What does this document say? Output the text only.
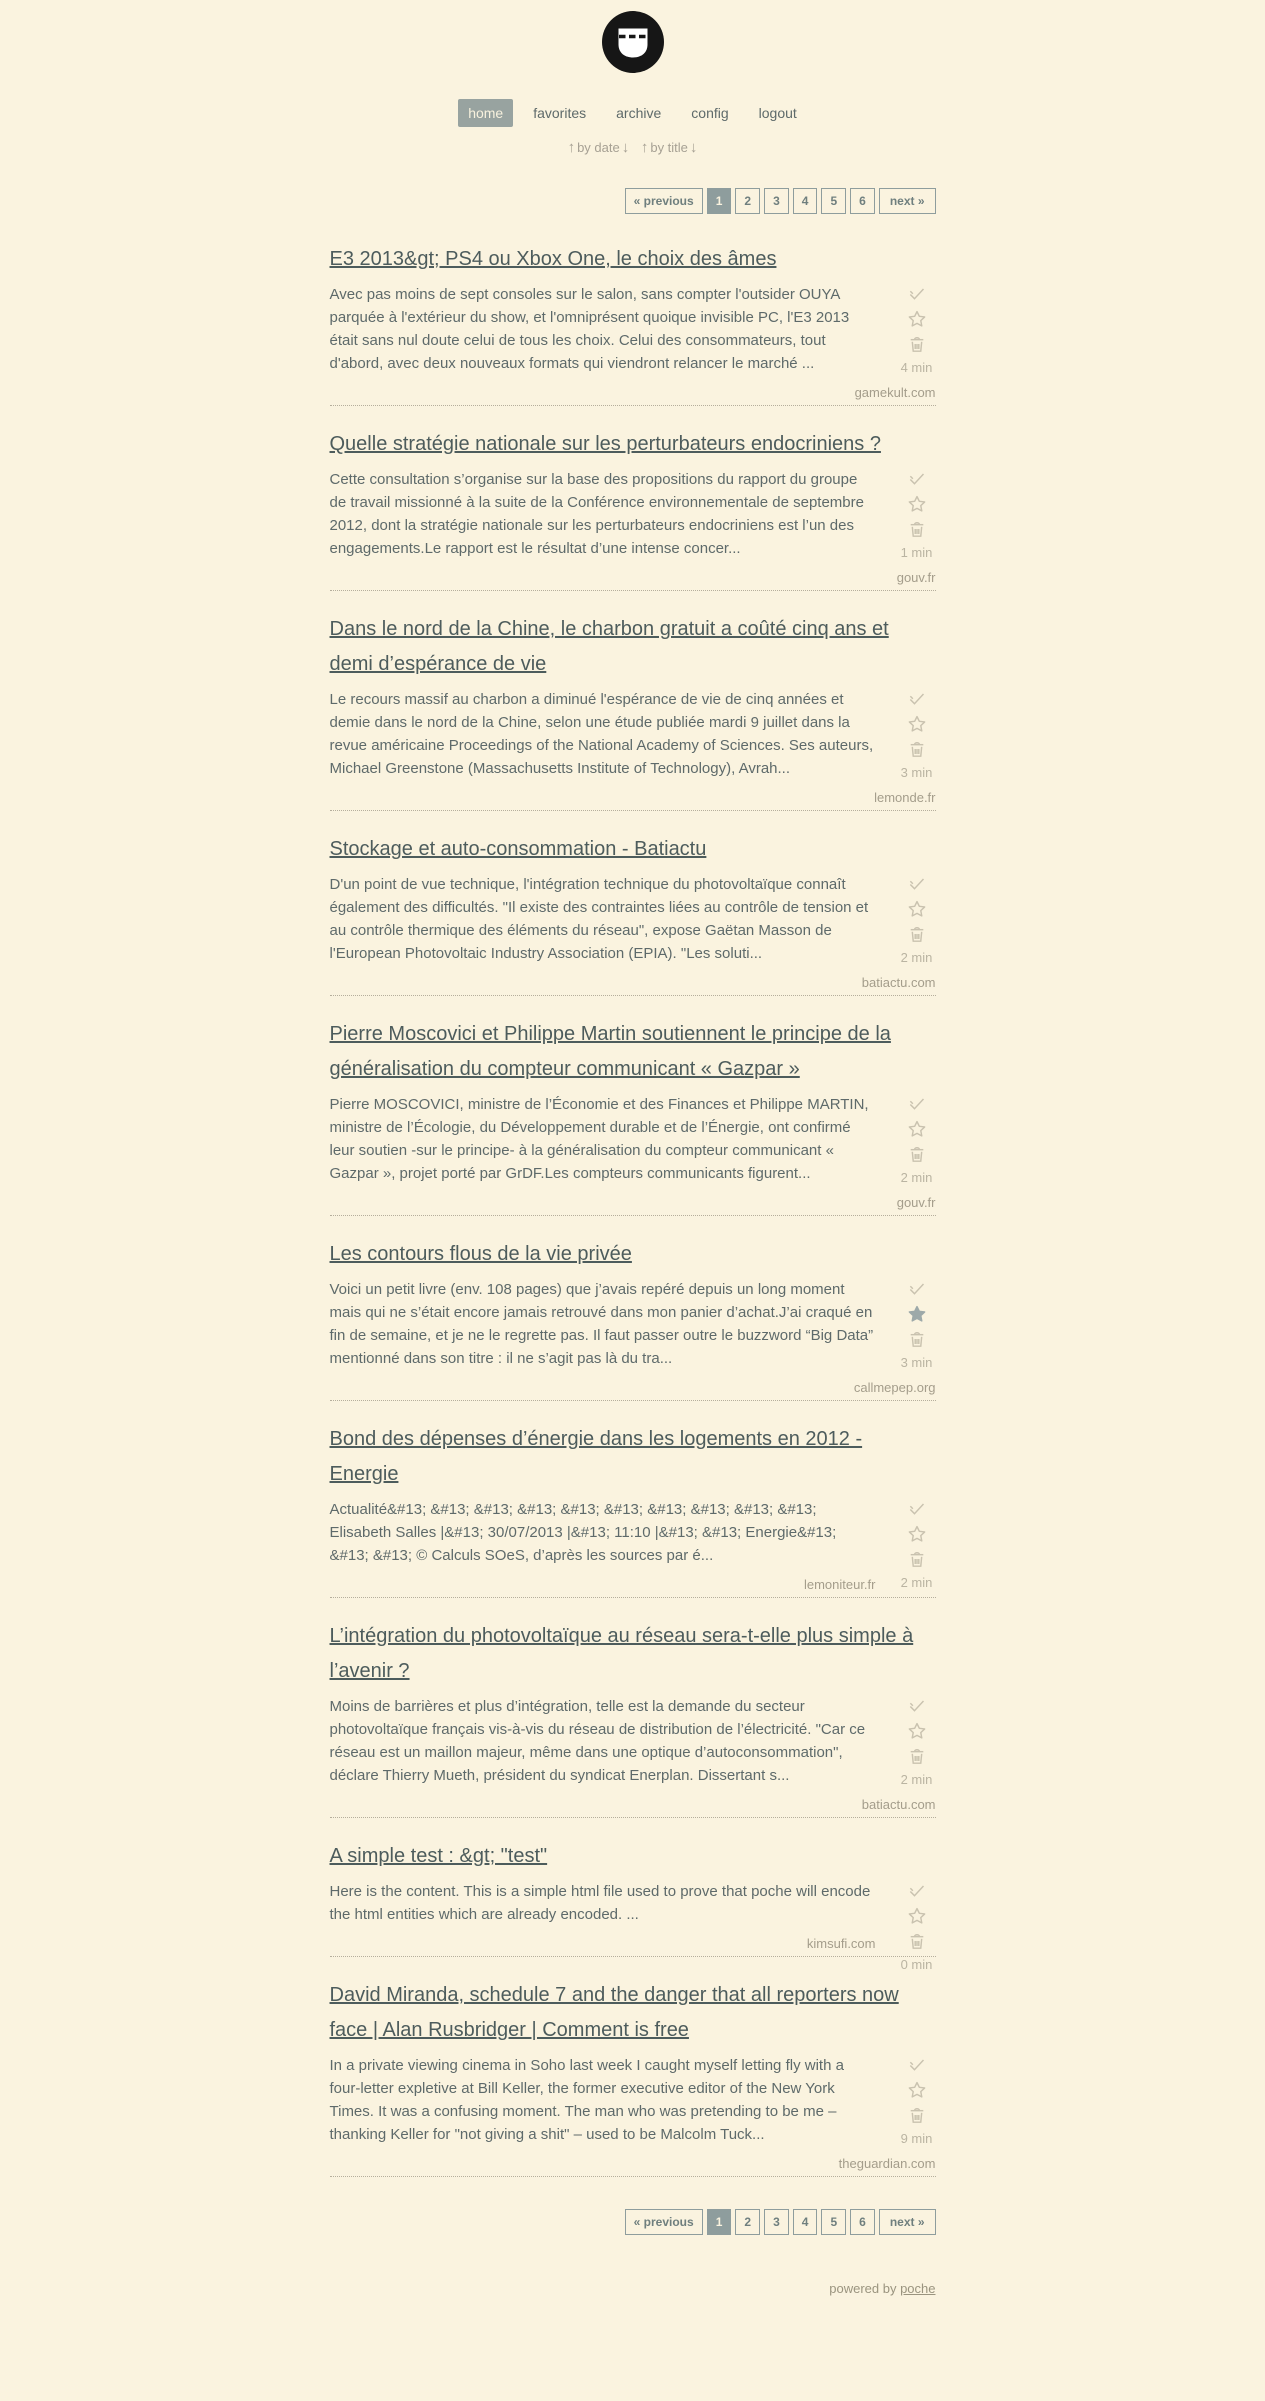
home favorites archive config logout
↑ by date ↓ ↑ by title ↓
« previous 1 2 3 4 5 6 next »
E3 2013&gt; PS4 ou Xbox One, le choix des âmes
4 min

Avec pas moins de sept consoles sur le salon, sans compter l'outsider OUYA parquée à l'extérieur du show, et l'omniprésent quoique invisible PC, l'E3 2013 était sans nul doute celui de tous les choix. Celui des consommateurs, tout d'abord, avec deux nouveaux formats qui viendront relancer le marché ...

gamekult.com
Quelle stratégie nationale sur les perturbateurs endocriniens ?
1 min

Cette consultation s’organise sur la base des propositions du rapport du groupe de travail missionné à la suite de la Conférence environnementale de septembre 2012, dont la stratégie nationale sur les perturbateurs endocriniens est l’un des engagements.Le rapport est le résultat d’une intense concer...

gouv.fr
Dans le nord de la Chine, le charbon gratuit a coûté cinq ans et demi d’espérance de vie
3 min

Le recours massif au charbon a diminué l'espérance de vie de cinq années et demie dans le nord de la Chine, selon une étude publiée mardi 9 juillet dans la revue américaine Proceedings of the National Academy of Sciences. Ses auteurs, Michael Greenstone (Massachusetts Institute of Technology), Avrah...

lemonde.fr
Stockage et auto-consommation - Batiactu
2 min

D'un point de vue technique, l'intégration technique du photovoltaïque connaît également des difficultés. "Il existe des contraintes liées au contrôle de tension et au contrôle thermique des éléments du réseau", expose Gaëtan Masson de l'European Photovoltaic Industry Association (EPIA). "Les soluti...

batiactu.com
Pierre Moscovici et Philippe Martin soutiennent le principe de la généralisation du compteur communicant « Gazpar »
2 min

Pierre MOSCOVICI, ministre de l’Économie et des Finances et Philippe MARTIN, ministre de l’Écologie, du Développement durable et de l’Énergie, ont confirmé leur soutien -sur le principe- à la généralisation du compteur communicant « Gazpar », projet porté par GrDF.Les compteurs communicants figurent...

gouv.fr
Les contours flous de la vie privée
3 min

Voici un petit livre (env. 108 pages) que j’avais repéré depuis un long moment mais qui ne s’était encore jamais retrouvé dans mon panier d’achat.J’ai craqué en fin de semaine, et je ne le regrette pas. Il faut passer outre le buzzword “Big Data” mentionné dans son titre : il ne s’agit pas là du tra...

callmepep.org
Bond des dépenses d’énergie dans les logements en 2012 - Energie
2 min

Actualité&#13; &#13; &#13; &#13; &#13; &#13; &#13; &#13; &#13; &#13; Elisabeth Salles |&#13; 30/07/2013 |&#13; 11:10 |&#13; &#13; Energie&#13; &#13; &#13; © Calculs SOeS, d’après les sources par é...

lemoniteur.fr
L’intégration du photovoltaïque au réseau sera-t-elle plus simple à l’avenir ?
2 min

Moins de barrières et plus d’intégration, telle est la demande du secteur photovoltaïque français vis-à-vis du réseau de distribution de l’électricité. "Car ce réseau est un maillon majeur, même dans une optique d’autoconsommation", déclare Thierry Mueth, président du syndicat Enerplan. Dissertant s...

batiactu.com
A simple test : &gt; "test"
0 min

Here is the content. This is a simple html file used to prove that poche will encode the html entities which are already encoded. ...

kimsufi.com
David Miranda, schedule 7 and the danger that all reporters now face | Alan Rusbridger | Comment is free
9 min

In a private viewing cinema in Soho last week I caught myself letting fly with a four-letter expletive at Bill Keller, the former executive editor of the New York Times. It was a confusing moment. The man who was pretending to be me – thanking Keller for "not giving a shit" – used to be Malcolm Tuck...

theguardian.com
« previous 1 2 3 4 5 6 next »
powered by poche
